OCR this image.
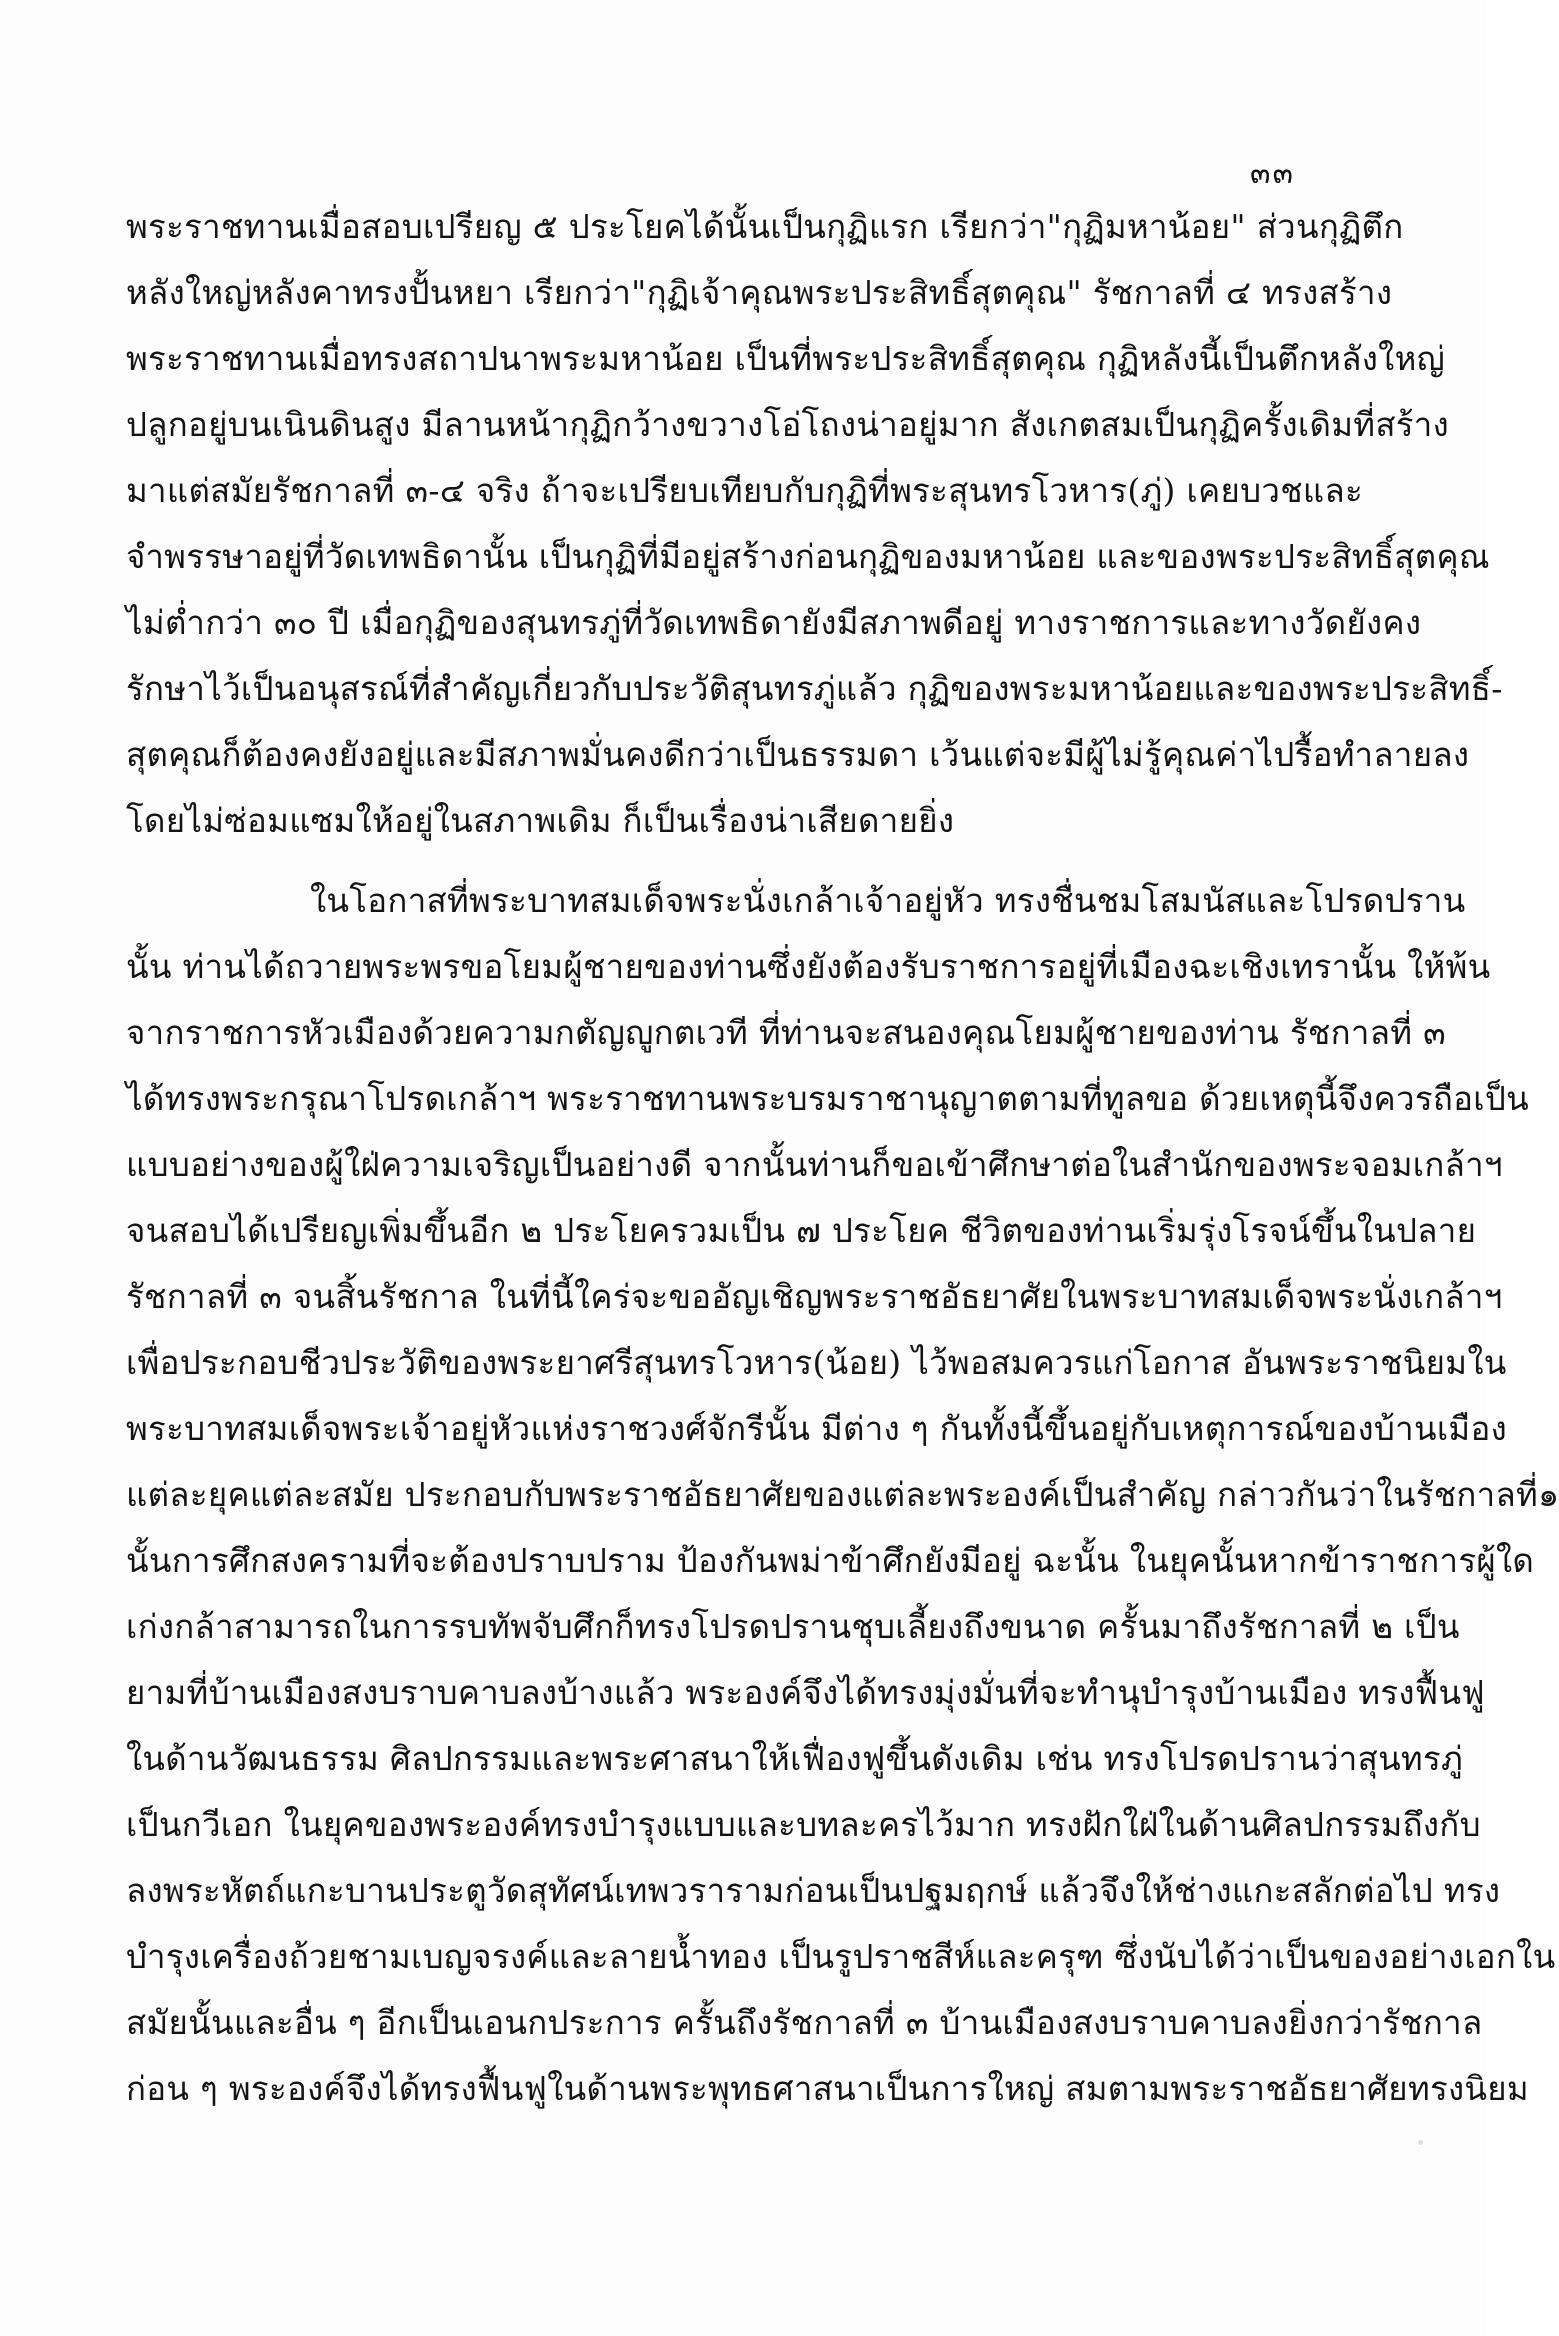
๓๓
พระราชทานเมื่อสอบเปรียญ ๕ ประโยคได้นั้นเป็นกุฏิแรก เรียกว่า"กุฏิมหาน้อย" ส่วนกุฏิตึก
หลังใหญ่หลังคาทรงปั้นหยา เรียกว่า"กุฏิเจ้าคุณพระประสิทธิ์สุตคุณ" รัชกาลที่ ๔ ทรงสร้าง
พระราชทานเมื่อทรงสถาปนาพระมหาน้อย เป็นที่พระประสิทธิ์สุตคุณ กุฏิหลังนี้เป็นตึกหลังใหญ่
ปลูกอยู่บนเนินดินสูง มีลานหน้ากุฏิกว้างขวางโอ่โถงน่าอยู่มาก สังเกตสมเป็นกุฏิครั้งเดิมที่สร้าง
มาแต่สมัยรัชกาลที่ ๓-๔ จริง ถ้าจะเปรียบเทียบกับกุฏิที่พระสุนทรโวหาร(ภู่) เคยบวชและ
จำพรรษาอยู่ที่วัดเทพธิดานั้น เป็นกุฏิที่มีอยู่สร้างก่อนกุฏิของมหาน้อย และของพระประสิทธิ์สุตคุณ
ไม่ต่ำกว่า ๓๐ ปี เมื่อกุฏิของสุนทรภู่ที่วัดเทพธิดายังมีสภาพดีอยู่ ทางราชการและทางวัดยังคง
รักษาไว้เป็นอนุสรณ์ที่สำคัญเกี่ยวกับประวัติสุนทรภู่แล้ว กุฏิของพระมหาน้อยและของพระประสิทธิ์-
สุตคุณก็ต้องคงยังอยู่และมีสภาพมั่นคงดีกว่าเป็นธรรมดา เว้นแต่จะมีผู้ไม่รู้คุณค่าไปรื้อทำลายลง
โดยไม่ซ่อมแซมให้อยู่ในสภาพเดิม ก็เป็นเรื่องน่าเสียดายยิ่ง
ในโอกาสที่พระบาทสมเด็จพระนั่งเกล้าเจ้าอยู่หัว ทรงชื่นชมโสมนัสและโปรดปราน
นั้น ท่านได้ถวายพระพรขอโยมผู้ชายของท่านซึ่งยังต้องรับราชการอยู่ที่เมืองฉะเชิงเทรานั้น ให้พ้น
จากราชการหัวเมืองด้วยความกตัญญูกตเวที ที่ท่านจะสนองคุณโยมผู้ชายของท่าน รัชกาลที่ ๓
ได้ทรงพระกรุณาโปรดเกล้าฯ พระราชทานพระบรมราชานุญาตตามที่ทูลขอ ด้วยเหตุนี้จึงควรถือเป็น
แบบอย่างของผู้ใฝ่ความเจริญเป็นอย่างดี จากนั้นท่านก็ขอเข้าศึกษาต่อในสำนักของพระจอมเกล้าฯ
จนสอบได้เปรียญเพิ่มขึ้นอีก ๒ ประโยครวมเป็น ๗ ประโยค ชีวิตของท่านเริ่มรุ่งโรจน์ขึ้นในปลาย
รัชกาลที่ ๓ จนสิ้นรัชกาล ในที่นี้ใคร่จะขออัญเชิญพระราชอัธยาศัยในพระบาทสมเด็จพระนั่งเกล้าฯ
เพื่อประกอบชีวประวัติของพระยาศรีสุนทรโวหาร(น้อย) ไว้พอสมควรแก่โอกาส อันพระราชนิยมใน
พระบาทสมเด็จพระเจ้าอยู่หัวแห่งราชวงศ์จักรีนั้น มีต่าง ๆ กันทั้งนี้ขึ้นอยู่กับเหตุการณ์ของบ้านเมือง
แต่ละยุคแต่ละสมัย ประกอบกับพระราชอัธยาศัยของแต่ละพระองค์เป็นสำคัญ กล่าวกันว่าในรัชกาลที่๑
นั้นการศึกสงครามที่จะต้องปราบปราม ป้องกันพม่าข้าศึกยังมีอยู่ ฉะนั้น ในยุคนั้นหากข้าราชการผู้ใด
เก่งกล้าสามารถในการรบทัพจับศึกก็ทรงโปรดปรานชุบเลี้ยงถึงขนาด ครั้นมาถึงรัชกาลที่ ๒ เป็น
ยามที่บ้านเมืองสงบราบคาบลงบ้างแล้ว พระองค์จึงได้ทรงมุ่งมั่นที่จะทำนุบำรุงบ้านเมือง ทรงฟื้นฟู
ในด้านวัฒนธรรม ศิลปกรรมและพระศาสนาให้เฟื่องฟูขึ้นดังเดิม เช่น ทรงโปรดปรานว่าสุนทรภู่
เป็นกวีเอก ในยุคของพระองค์ทรงบำรุงแบบและบทละครไว้มาก ทรงฝักใฝ่ในด้านศิลปกรรมถึงกับ
ลงพระหัตถ์แกะบานประตูวัดสุทัศน์เทพวรารามก่อนเป็นปฐมฤกษ์ แล้วจึงให้ช่างแกะสลักต่อไป ทรง
บำรุงเครื่องถ้วยชามเบญจรงค์และลายน้ำทอง เป็นรูปราชสีห์และครุฑ ซึ่งนับได้ว่าเป็นของอย่างเอกใน
สมัยนั้นและอื่น ๆ อีกเป็นเอนกประการ ครั้นถึงรัชกาลที่ ๓ บ้านเมืองสงบราบคาบลงยิ่งกว่ารัชกาล
ก่อน ๆ พระองค์จึงได้ทรงฟื้นฟูในด้านพระพุทธศาสนาเป็นการใหญ่ สมตามพระราชอัธยาศัยทรงนิยม
